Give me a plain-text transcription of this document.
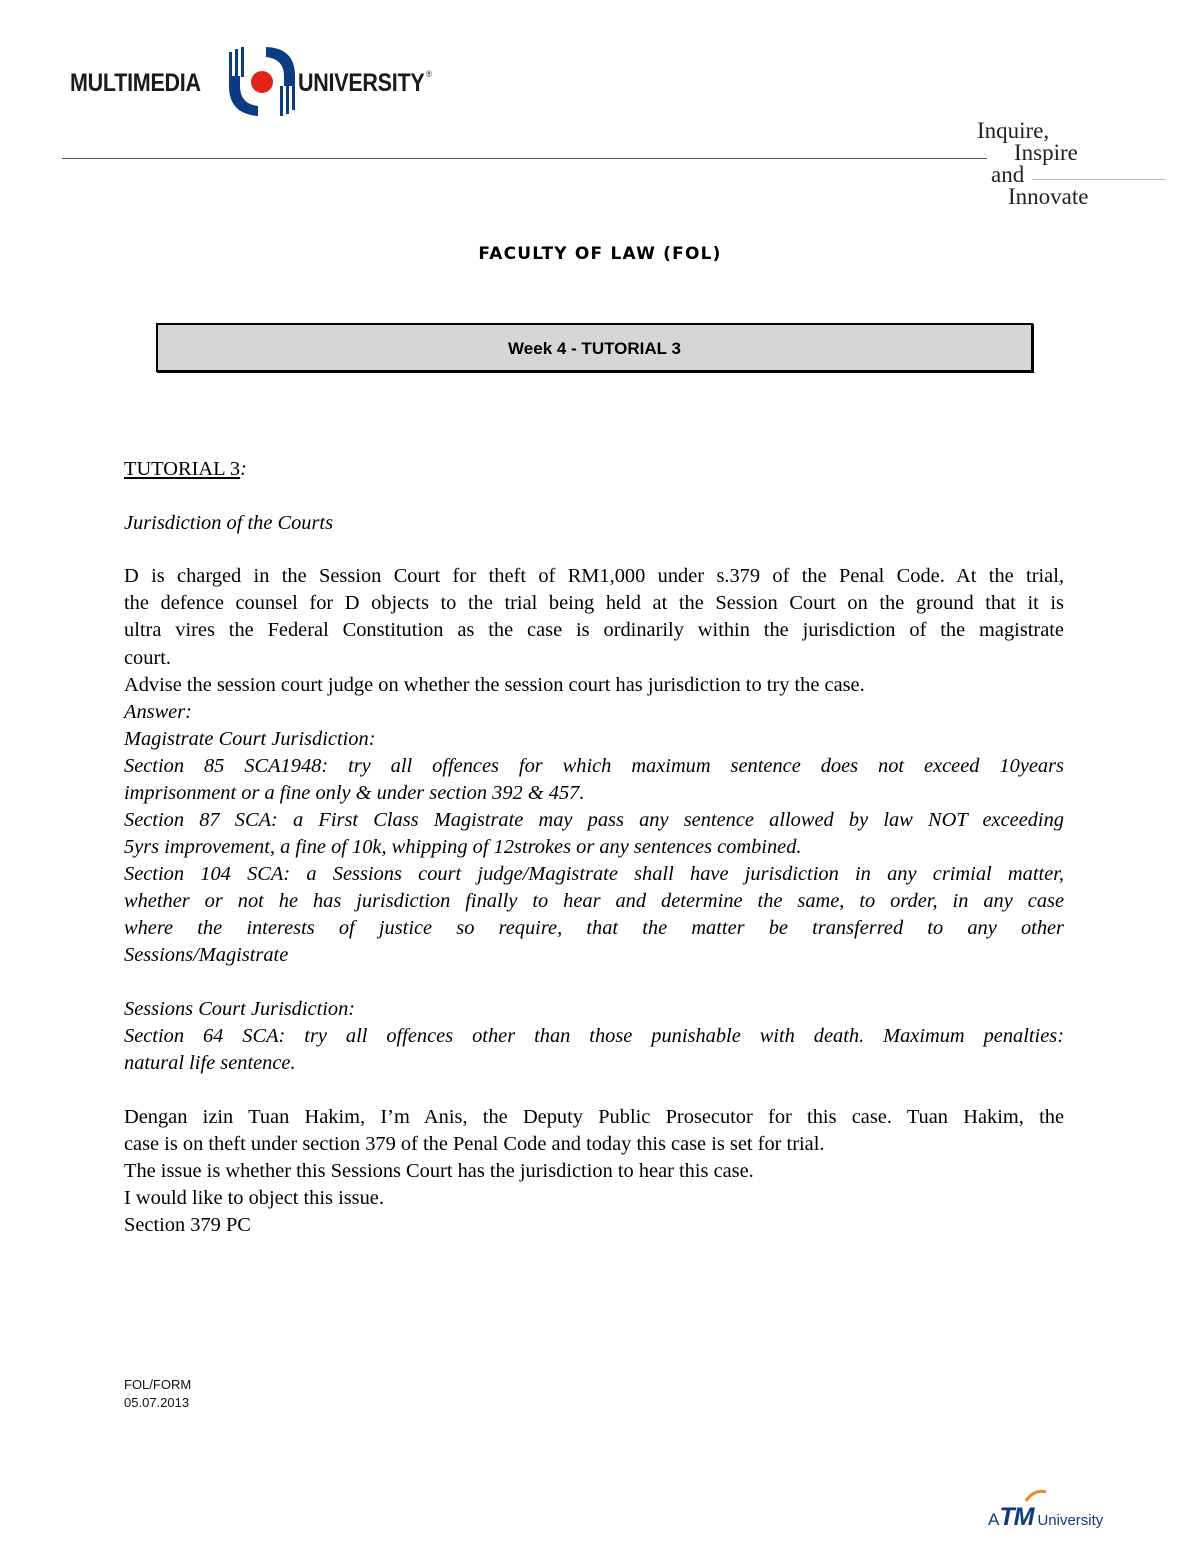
MULTIMEDIA	UNIVERSITY ®
Inquire,
Inspire
and
Innovate
FACULTY OF LAW (FOL)
Week 4 - TUTORIAL 3
TUTORIAL 3:
Jurisdiction of the Courts
D is charged in the Session Court for theft of RM1,000 under s.379 of the Penal Code. At the trial,
the defence counsel for D objects to the trial being held at the Session Court on the ground that it is
ultra vires the Federal Constitution as the case is ordinarily within the jurisdiction of the magistrate
court.
Advise the session court judge on whether the session court has jurisdiction to try the case.
Answer:
Magistrate Court Jurisdiction:
Section 85 SCA1948: try all offences for which maximum sentence does not exceed 10years
imprisonment or a fine only & under section 392 & 457.
Section 87 SCA: a First Class Magistrate may pass any sentence allowed by law NOT exceeding
5yrs improvement, a fine of 10k, whipping of 12strokes or any sentences combined.
Section 104 SCA: a Sessions court judge/Magistrate shall have jurisdiction in any crimial matter,
whether or not he has jurisdiction finally to hear and determine the same, to order, in any case
where the interests of justice so require, that the matter be transferred to any other
Sessions/Magistrate
Sessions Court Jurisdiction:
Section 64 SCA: try all offences other than those punishable with death. Maximum penalties:
natural life sentence.
Dengan izin Tuan Hakim, I’m Anis, the Deputy Public Prosecutor for this case. Tuan Hakim, the
case is on theft under section 379 of the Penal Code and today this case is set for trial.
The issue is whether this Sessions Court has the jurisdiction to hear this case.
I would like to object this issue.
Section 379 PC
FOL/FORM
05.07.2013
ATM University
